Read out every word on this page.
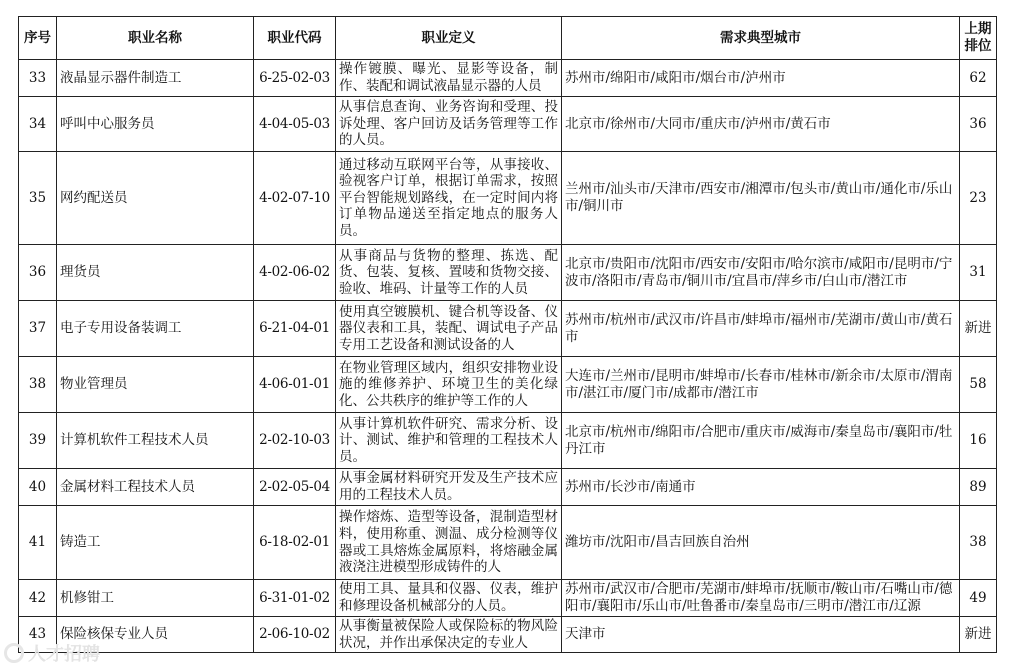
序号	职业名称	职业代码	职业定义	需求典型城市	上期排位
33	液晶显示器件制造工	6-25-02-03	操作镀膜、曝光、显影等设备，制作、装配和调试液晶显示器的人员	苏州市/绵阳市/咸阳市/烟台市/泸州市	62
34	呼叫中心服务员	4-04-05-03	从事信息查询、业务咨询和受理、投诉处理、客户回访及话务管理等工作的人员。	北京市/徐州市/大同市/重庆市/泸州市/黄石市	36
35	网约配送员	4-02-07-10	通过移动互联网平台等，从事接收、验视客户订单，根据订单需求，按照平台智能规划路线，在一定时间内将订单物品递送至指定地点的服务人员。	兰州市/汕头市/天津市/西安市/湘潭市/包头市/黄山市/通化市/乐山市/铜川市	23
36	理货员	4-02-06-02	从事商品与货物的整理、拣选、配货、包装、复核、置唛和货物交接、验收、堆码、计量等工作的人员	北京市/贵阳市/沈阳市/西安市/安阳市/哈尔滨市/咸阳市/昆明市/宁波市/洛阳市/青岛市/铜川市/宜昌市/萍乡市/白山市/潜江市	31
37	电子专用设备装调工	6-21-04-01	使用真空镀膜机、键合机等设备、仪器仪表和工具，装配、调试电子产品专用工艺设备和测试设备的人	苏州市/杭州市/武汉市/许昌市/蚌埠市/福州市/芜湖市/黄山市/黄石市	新进
38	物业管理员	4-06-01-01	在物业管理区域内，组织安排物业设施的维修养护、环境卫生的美化绿化、公共秩序的维护等工作的人	大连市/兰州市/昆明市/蚌埠市/长春市/桂林市/新余市/太原市/渭南市/湛江市/厦门市/成都市/潜江市	58
39	计算机软件工程技术人员	2-02-10-03	从事计算机软件研究、需求分析、设计、测试、维护和管理的工程技术人员。	北京市/杭州市/绵阳市/合肥市/重庆市/威海市/秦皇岛市/襄阳市/牡丹江市	16
40	金属材料工程技术人员	2-02-05-04	从事金属材料研究开发及生产技术应用的工程技术人员。	苏州市/长沙市/南通市	89
41	铸造工	6-18-02-01	操作熔炼、造型等设备，混制造型材料，使用称重、测温、成分检测等仪器或工具熔炼金属原料，将熔融金属液浇注进模型形成铸件的人	潍坊市/沈阳市/昌吉回族自治州	38
42	机修钳工	6-31-01-02	使用工具、量具和仪器、仪表，维护和修理设备机械部分的人员。	苏州市/武汉市/合肥市/芜湖市/蚌埠市/抚顺市/鞍山市/石嘴山市/德阳市/襄阳市/乐山市/吐鲁番市/秦皇岛市/三明市/潜江市/辽源	49
43	保险核保专业人员	2-06-10-02	从事衡量被保险人或保险标的物风险状况，并作出承保决定的专业人	天津市	新进
人才招聘
